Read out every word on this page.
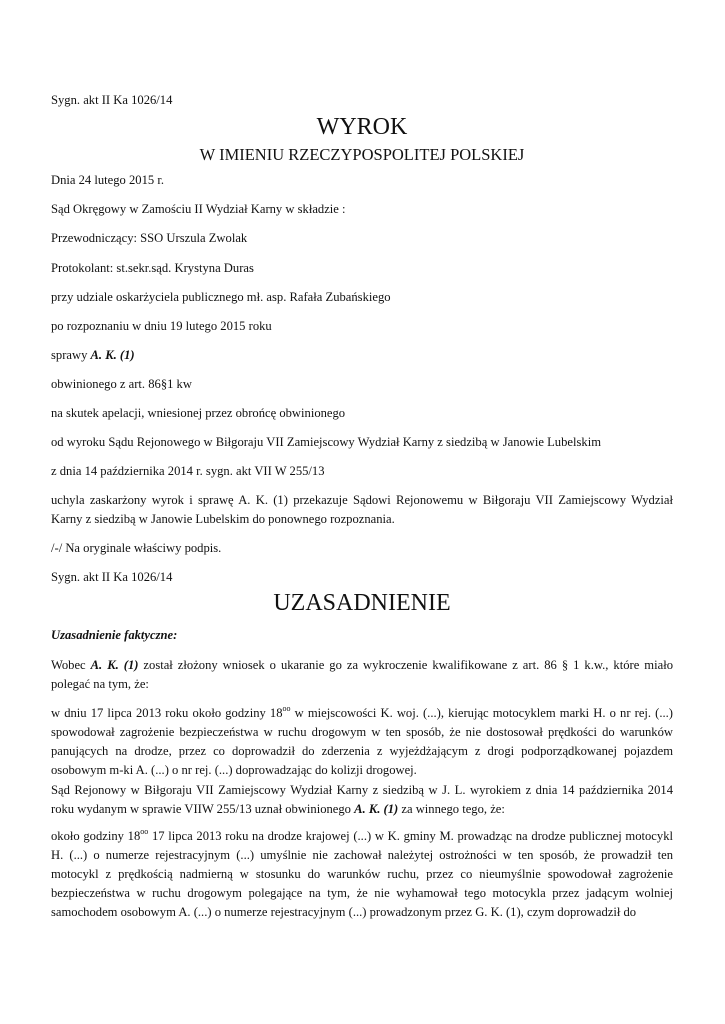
Sygn. akt II Ka 1026/14

WYROK
W IMIENIU RZECZYPOSPOLITEJ POLSKIEJ

Dnia 24 lutego 2015 r.

Sąd Okręgowy w Zamościu II Wydział Karny w składzie :

Przewodniczący: SSO Urszula Zwolak

Protokolant: st.sekr.sąd. Krystyna Duras

przy udziale oskarżyciela publicznego mł. asp. Rafała Zubańskiego

po rozpoznaniu w dniu 19 lutego 2015 roku

sprawy A. K. (1)

obwinionego z art. 86§1 kw

na skutek apelacji, wniesionej przez obrońcę obwinionego

od wyroku Sądu Rejonowego w Biłgoraju VII Zamiejscowy Wydział Karny z siedzibą w Janowie Lubelskim

z dnia 14 października 2014 r. sygn. akt VII W 255/13

uchyla zaskarżony wyrok i sprawę A. K. (1) przekazuje Sądowi Rejonowemu w Biłgoraju VII Zamiejscowy Wydział Karny z siedzibą w Janowie Lubelskim do ponownego rozpoznania.

/-/ Na oryginale właściwy podpis.

Sygn. akt II Ka 1026/14

UZASADNIENIE

Uzasadnienie faktyczne:

Wobec A. K. (1) został złożony wniosek o ukaranie go za wykroczenie kwalifikowane z art. 86 § 1 k.w., które miało polegać na tym, że:

w dniu 17 lipca 2013 roku około godziny $18^{oo}$ w miejscowości K. woj. (...), kierując motocyklem marki H. o nr rej. (...) spowodował zagrożenie bezpieczeństwa w ruchu drogowym w ten sposób, że nie dostosował prędkości do warunków panujących na drodze, przez co doprowadził do zderzenia z wyjeżdżającym z drogi podporządkowanej pojazdem osobowym m-ki A. (...) o nr rej. (...) doprowadzając do kolizji drogowej.

Sąd Rejonowy w Biłgoraju VII Zamiejscowy Wydział Karny z siedzibą w J. L. wyrokiem z dnia 14 października 2014 roku wydanym w sprawie VIIW 255/13 uznał obwinionego A. K. (1) za winnego tego, że:

około godziny $18^{oo}$ 17 lipca 2013 roku na drodze krajowej (...) w K. gminy M. prowadząc na drodze publicznej motocykl H. (...) o numerze rejestracyjnym (...) umyślnie nie zachował należytej ostrożności w ten sposób, że prowadził ten motocykl z prędkością nadmierną w stosunku do warunków ruchu, przez co nieumyślnie spowodował zagrożenie bezpieczeństwa w ruchu drogowym polegające na tym, że nie wyhamował tego motocykla przez jadącym wolniej samochodem osobowym A. (...) o numerze rejestracyjnym (...) prowadzonym przez G. K. (1), czym doprowadził do
